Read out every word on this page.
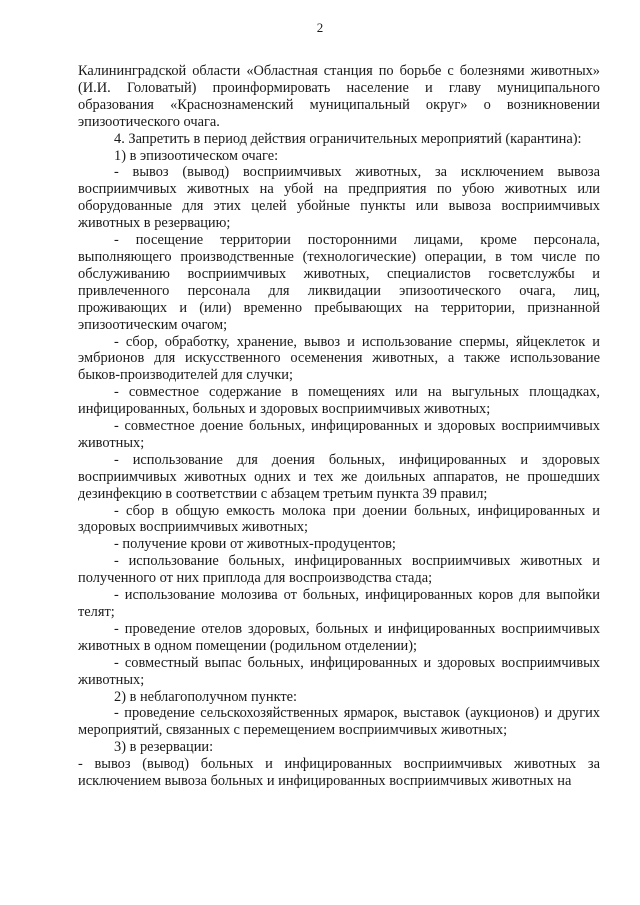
2

Калининградской области «Областная станция по борьбе с болезнями животных» (И.И. Головатый) проинформировать население и главу муниципального образования «Краснознаменский муниципальный округ» о возникновении эпизоотического очага.

4. Запретить в период действия ограничительных мероприятий (карантина):

1) в эпизоотическом очаге:

- вывоз (вывод) восприимчивых животных, за исключением вывоза восприимчивых животных на убой на предприятия по убою животных или оборудованные для этих целей убойные пункты или вывоза восприимчивых животных в резервацию;

- посещение территории посторонними лицами, кроме персонала, выполняющего производственные (технологические) операции, в том числе по обслуживанию восприимчивых животных, специалистов госветслужбы и привлеченного персонала для ликвидации эпизоотического очага, лиц, проживающих и (или) временно пребывающих на территории, признанной эпизоотическим очагом;

- сбор, обработку, хранение, вывоз и использование спермы, яйцеклеток и эмбрионов для искусственного осеменения животных, а также использование быков-производителей для случки;

- совместное содержание в помещениях или на выгульных площадках, инфицированных, больных и здоровых восприимчивых животных;

- совместное доение больных, инфицированных и здоровых восприимчивых животных;

- использование для доения больных, инфицированных и здоровых восприимчивых животных одних и тех же доильных аппаратов, не прошедших дезинфекцию в соответствии с абзацем третьим пункта 39 правил;

- сбор в общую емкость молока при доении больных, инфицированных и здоровых восприимчивых животных;

- получение крови от животных-продуцентов;

- использование больных, инфицированных восприимчивых животных и полученного от них приплода для воспроизводства стада;

- использование молозива от больных, инфицированных коров для выпойки телят;

- проведение отелов здоровых, больных и инфицированных восприимчивых животных в одном помещении (родильном отделении);

- совместный выпас больных, инфицированных и здоровых восприимчивых животных;

2) в неблагополучном пункте:

- проведение сельскохозяйственных ярмарок, выставок (аукционов) и других мероприятий, связанных с перемещением восприимчивых животных;

3) в резервации:

- вывоз (вывод) больных и инфицированных восприимчивых животных за исключением вывоза больных и инфицированных восприимчивых животных на
